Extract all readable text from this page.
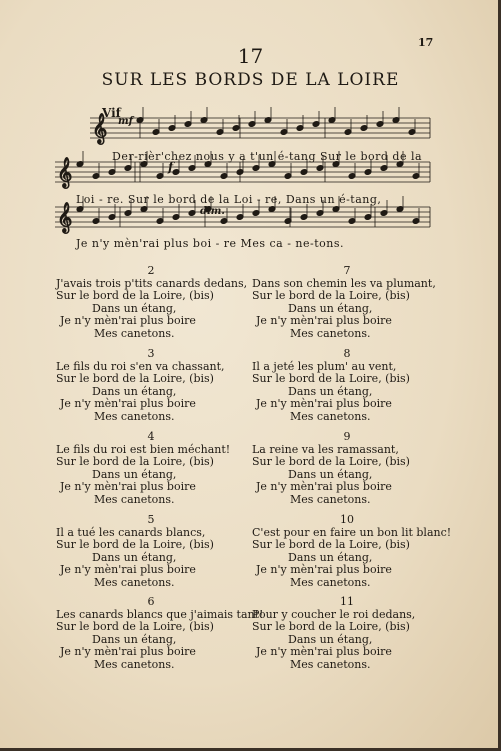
17
17
SUR LES BORDS DE LA LOIRE
𝄞
𝄞
𝄞
Vif
mf
f
dim.
Der-rièr'chez nous y a t'un é-tang Sur le bord de la
Loi - re. Sur le bord de la Loi - re, Dans un é-tang,
Je n'y mèn'rai plus boi - re Mes ca - ne-tons.
2
J'avais trois p'tits canards dedans,
Sur le bord de la Loire, (bis)
Dans un étang,
Je n'y mèn'rai plus boire
Mes canetons.
3
Le fils du roi s'en va chassant,
Sur le bord de la Loire, (bis)
Dans un étang,
Je n'y mèn'rai plus boire
Mes canetons.
4
Le fils du roi est bien méchant!
Sur le bord de la Loire, (bis)
Dans un étang,
Je n'y mèn'rai plus boire
Mes canetons.
5
Il a tué les canards blancs,
Sur le bord de la Loire, (bis)
Dans un étang,
Je n'y mèn'rai plus boire
Mes canetons.
6
Les canards blancs que j'aimais tant!
Sur le bord de la Loire, (bis)
Dans un étang,
Je n'y mèn'rai plus boire
Mes canetons.
7
Dans son chemin les va plumant,
Sur le bord de la Loire, (bis)
Dans un étang,
Je n'y mèn'rai plus boire
Mes canetons.
8
Il a jeté les plum' au vent,
Sur le bord de la Loire, (bis)
Dans un étang,
Je n'y mèn'rai plus boire
Mes canetons.
9
La reine va les ramassant,
Sur le bord de la Loire, (bis)
Dans un étang,
Je n'y mèn'rai plus boire
Mes canetons.
10
C'est pour en faire un bon lit blanc!
Sur le bord de la Loire, (bis)
Dans un étang,
Je n'y mèn'rai plus boire
Mes canetons.
11
Pour y coucher le roi dedans,
Sur le bord de la Loire, (bis)
Dans un étang,
Je n'y mèn'rai plus boire
Mes canetons.
